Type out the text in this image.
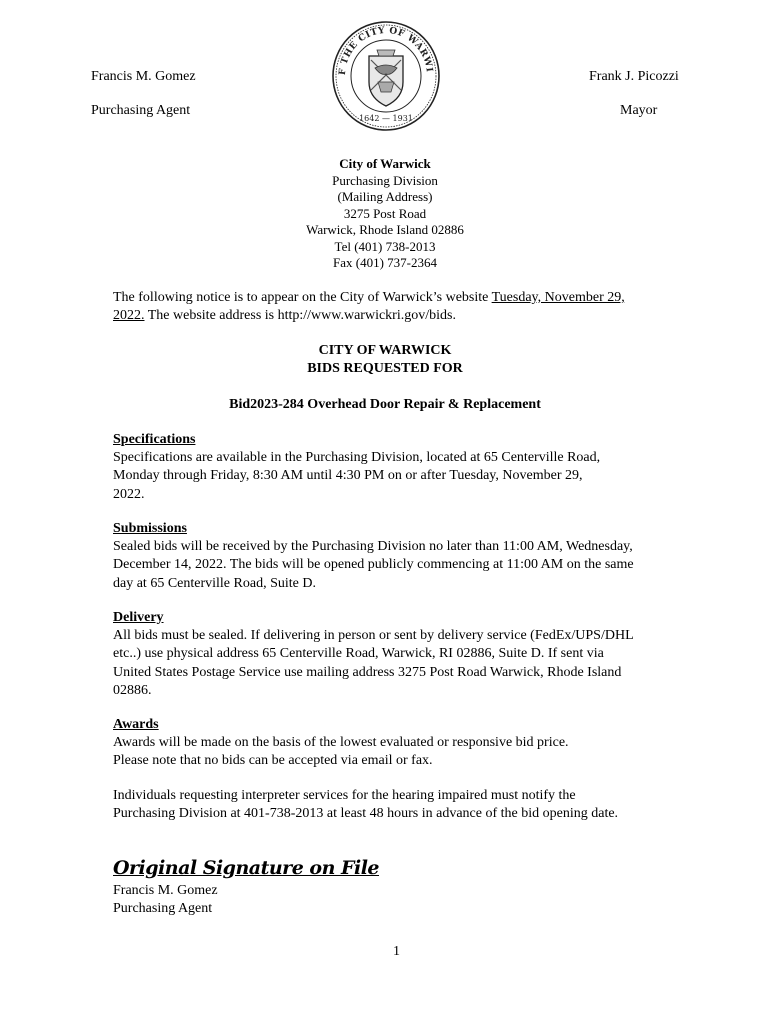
Francis M. Gomez
Purchasing Agent
Frank J. Picozzi
Mayor
F THE CITY OF WARWI
1642 — 1931
City of Warwick
Purchasing Division
(Mailing Address)
3275 Post Road
Warwick, Rhode Island 02886
Tel (401) 738-2013
Fax (401) 737-2364

The following notice is to appear on the City of Warwick’s website Tuesday, November 29,

2022. The website address is http://www.warwickri.gov/bids.

CITY OF WARWICK
BIDS REQUESTED FOR
Bid2023-284 Overhead Door Repair & Replacement

Specifications

Specifications are available in the Purchasing Division, located at 65 Centerville Road,

Monday through Friday, 8:30 AM until 4:30 PM on or after Tuesday, November 29,

2022.

Submissions

Sealed bids will be received by the Purchasing Division no later than 11:00 AM, Wednesday,

December 14, 2022. The bids will be opened publicly commencing at 11:00 AM on the same

day at 65 Centerville Road, Suite D.

Delivery

All bids must be sealed. If delivering in person or sent by delivery service (FedEx/UPS/DHL

etc..) use physical address 65 Centerville Road, Warwick, RI 02886, Suite D. If sent via

United States Postage Service use mailing address 3275 Post Road Warwick, Rhode Island

02886.

Awards

Awards will be made on the basis of the lowest evaluated or responsive bid price.

Please note that no bids can be accepted via email or fax.

Individuals requesting interpreter services for the hearing impaired must notify the

Purchasing Division at 401-738-2013 at least 48 hours in advance of the bid opening date.

Original Signature on File
Francis M. Gomez
Purchasing Agent
1
